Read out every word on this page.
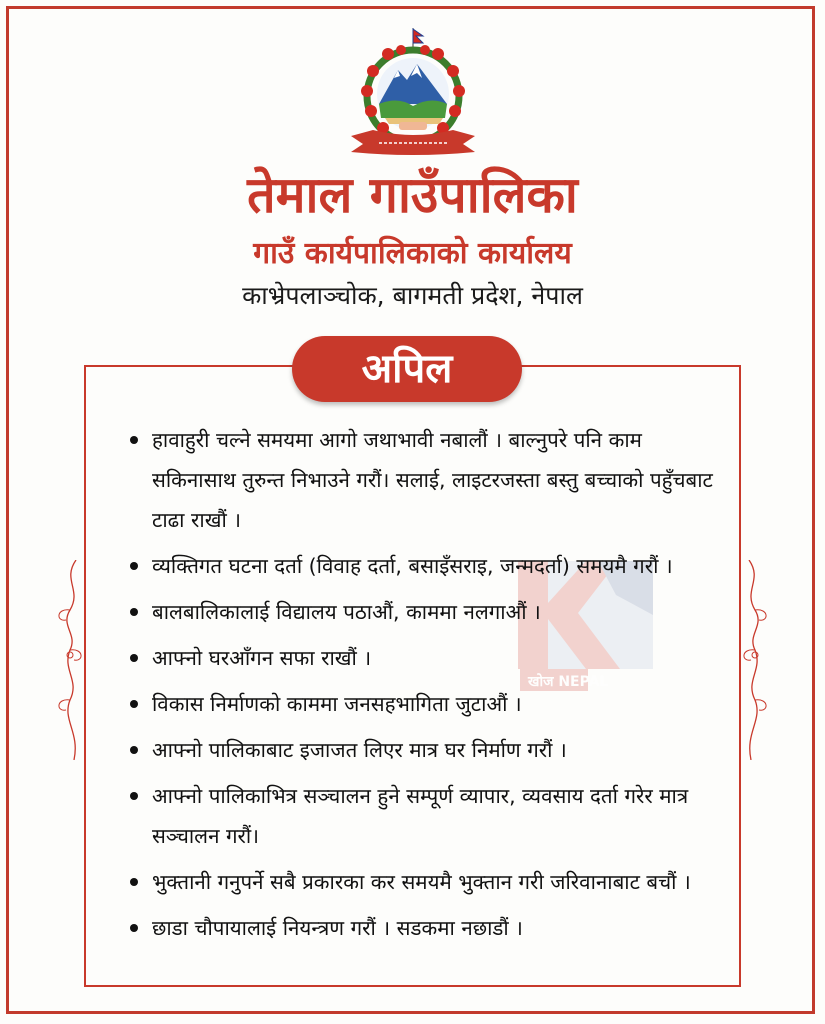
तेमाल गाउँपालिका
गाउँ कार्यपालिकाको कार्यालय
काभ्रेपलाञ्चोक, बागमती प्रदेश, नेपाल
खोज NEPAL
अपिल
हावाहुरी चल्ने समयमा आगो जथाभावी नबालौं । बाल्नुपरे पनि काम सकिनासाथ तुरुन्त निभाउने गरौं। सलाई, लाइटरजस्ता बस्तु बच्चाको पहुँचबाट टाढा राखौं ।
व्यक्तिगत घटना दर्ता (विवाह दर्ता, बसाइँसराइ, जन्मदर्ता) समयमै गरौं ।
बालबालिकालाई विद्यालय पठाऔं, काममा नलगाऔं ।
आफ्नो घरआँगन सफा राखौं ।
विकास निर्माणको काममा जनसहभागिता जुटाऔं ।
आफ्नो पालिकाबाट इजाजत लिएर मात्र घर निर्माण गरौं ।
आफ्नो पालिकाभित्र सञ्चालन हुने सम्पूर्ण व्यापार, व्यवसाय दर्ता गरेर मात्र सञ्चालन गरौं।
भुक्तानी गनुपर्ने सबै प्रकारका कर समयमै भुक्तान गरी जरिवानाबाट बचौं ।
छाडा चौपायालाई नियन्त्रण गरौं । सडकमा नछाडौं ।
